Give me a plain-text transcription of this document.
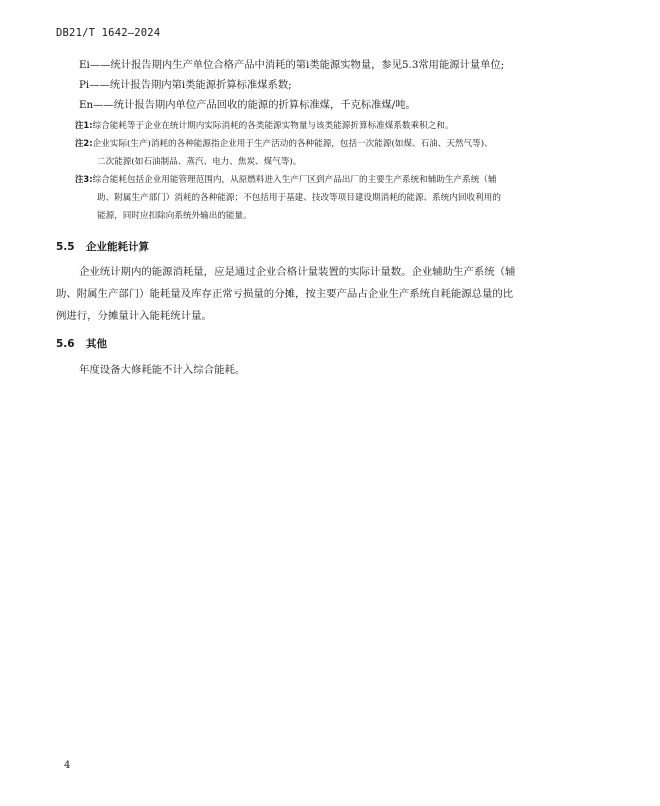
DB21/T 1642—2024
Ei——统计报告期内生产单位合格产品中消耗的第i类能源实物量，参见5.3常用能源计量单位;
Pi——统计报告期内第i类能源折算标准煤系数;
En——统计报告期内单位产品回收的能源的折算标准煤，千克标准煤/吨。
注1:综合能耗等于企业在统计期内实际消耗的各类能源实物量与该类能源折算标准煤系数乘积之和。
注2:企业实际(生产)消耗的各种能源指企业用于生产活动的各种能源，包括一次能源(如煤、石油、天然气等)、
二次能源(如石油制品、蒸汽、电力、焦炭、煤气等)。
注3:综合能耗包括企业用能管理范围内，从原燃料进入生产厂区到产品出厂的主要生产系统和辅助生产系统（辅
助、附属生产部门）消耗的各种能源；不包括用于基建、技改等项目建设期消耗的能源、系统内回收利用的
能源，同时应扣除向系统外输出的能量。
5.5 企业能耗计算
企业统计期内的能源消耗量，应是通过企业合格计量装置的实际计量数。企业辅助生产系统（辅
助、附属生产部门）能耗量及库存正常亏损量的分摊，按主要产品占企业生产系统自耗能源总量的比
例进行，分摊量计入能耗统计量。
5.6 其他
年度设备大修耗能不计入综合能耗。
4
